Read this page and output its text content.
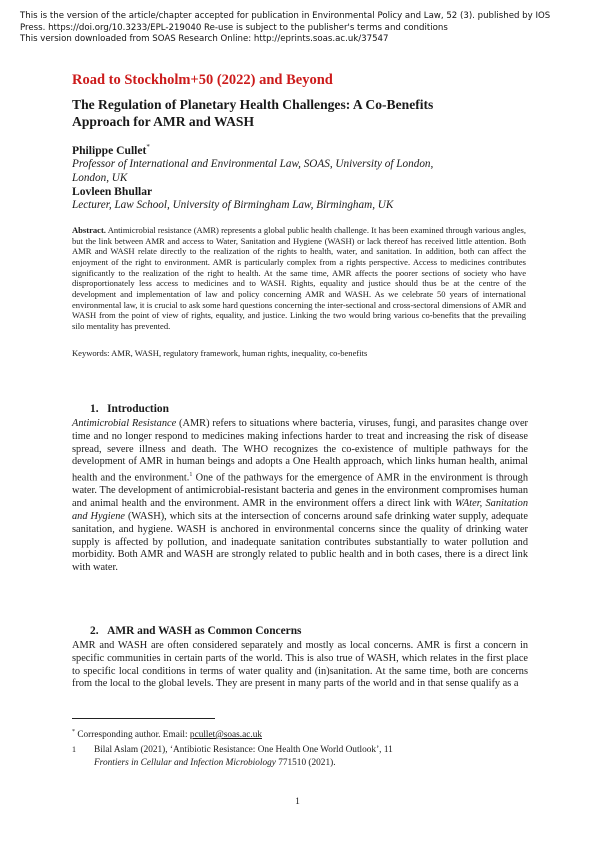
This is the version of the article/chapter accepted for publication in Environmental Policy and Law, 52 (3). published by IOS
Press. https://doi.org/10.3233/EPL-219040 Re-use is subject to the publisher's terms and conditions
This version downloaded from SOAS Research Online: http://eprints.soas.ac.uk/37547
Road to Stockholm+50 (2022) and Beyond
The Regulation of Planetary Health Challenges: A Co-Benefits
Approach for AMR and WASH
Philippe Cullet*
Professor of International and Environmental Law, SOAS, University of London,
London, UK
Lovleen Bhullar
Lecturer, Law School, University of Birmingham Law, Birmingham, UK
Abstract. Antimicrobial resistance (AMR) represents a global public health challenge. It has been examined through various angles, but the link between AMR and access to Water, Sanitation and Hygiene (WASH) or lack thereof has received little attention. Both AMR and WASH relate directly to the realization of the rights to health, water, and sanitation. In addition, both can affect the enjoyment of the right to environment. AMR is particularly complex from a rights perspective. Access to medicines contributes significantly to the realization of the right to health. At the same time, AMR affects the poorer sections of society who have disproportionately less access to medicines and to WASH. Rights, equality and justice should thus be at the centre of the development and implementation of law and policy concerning AMR and WASH. As we celebrate 50 years of international environmental law, it is crucial to ask some hard questions concerning the inter-sectional and cross-sectoral dimensions of AMR and WASH from the point of view of rights, equality, and justice. Linking the two would bring various co-benefits that the prevailing silo mentality has prevented.
Keywords: AMR, WASH, regulatory framework, human rights, inequality, co-benefits
1. Introduction
Antimicrobial Resistance (AMR) refers to situations where bacteria, viruses, fungi, and parasites change over time and no longer respond to medicines making infections harder to treat and increasing the risk of disease spread, severe illness and death. The WHO recognizes the co-existence of multiple pathways for the development of AMR in human beings and adopts a One Health approach, which links human health, animal health and the environment.$^1$ One of the pathways for the emergence of AMR in the environment is through water. The development of antimicrobial-resistant bacteria and genes in the environment compromises human and animal health and the environment. AMR in the environment offers a direct link with WAter, Sanitation and Hygiene (WASH), which sits at the intersection of concerns around safe drinking water supply, adequate sanitation, and hygiene. WASH is anchored in environmental concerns since the quality of drinking water supply is affected by pollution, and inadequate sanitation contributes substantially to water pollution and morbidity. Both AMR and WASH are strongly related to public health and in both cases, there is a direct link with water.
2. AMR and WASH as Common Concerns
AMR and WASH are often considered separately and mostly as local concerns. AMR is first a concern in specific communities in certain parts of the world. This is also true of WASH, which relates in the first place to specific local conditions in terms of water quality and (in)sanitation. At the same time, both are concerns from the local to the global levels. They are present in many parts of the world and in that sense qualify as a
* Corresponding author. Email: pcullet@soas.ac.uk
1 Bilal Aslam (2021), ‘Antibiotic Resistance: One Health One World Outlook’, 11
Frontiers in Cellular and Infection Microbiology 771510 (2021).
1
